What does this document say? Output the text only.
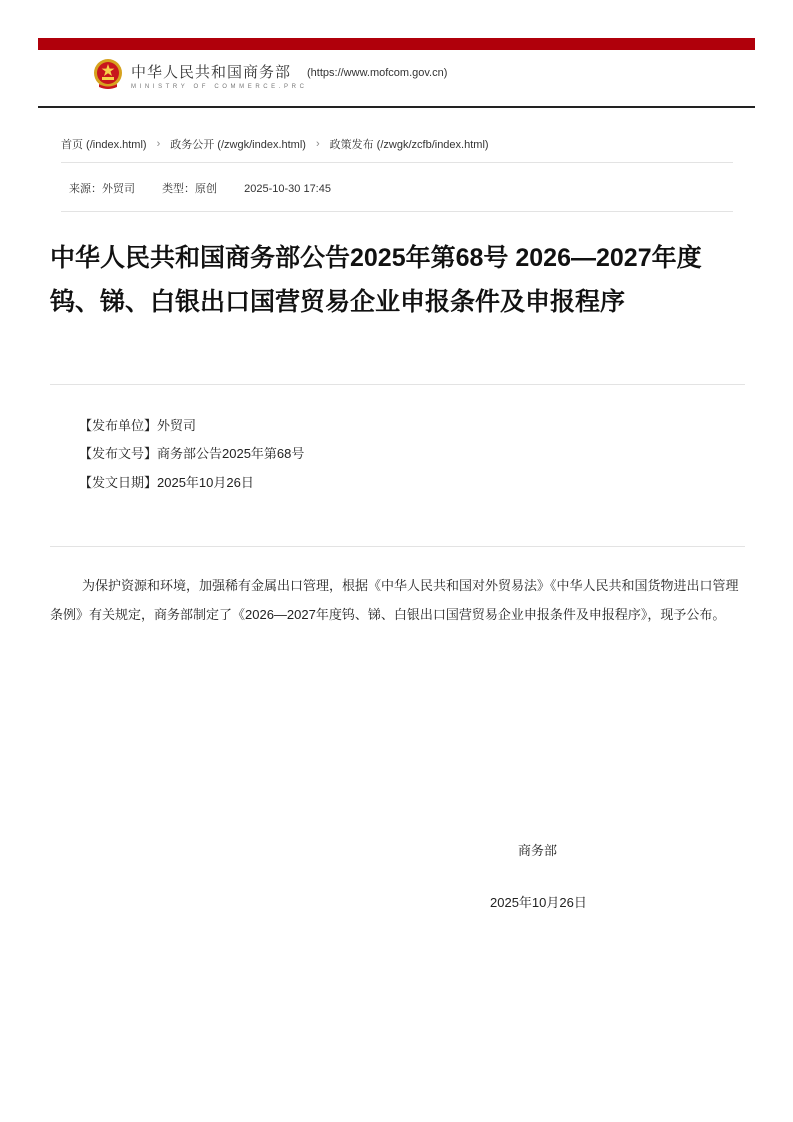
中华人民共和国商务部 (https://www.mofcom.gov.cn)
MINISTRY OF COMMERCE.PRC
首页 (/index.html) › 政务公开 (/zwgk/index.html) › 政策发布 (/zwgk/zcfb/index.html)
来源：外贸司 类型：原创 2025-10-30 17:45
中华人民共和国商务部公告2025年第68号 2026—2027年度钨、锑、白银出口国营贸易企业申报条件及申报程序
【发布单位】外贸司
【发布文号】商务部公告2025年第68号
【发文日期】2025年10月26日

为保护资源和环境，加强稀有金属出口管理，根据《中华人民共和国对外贸易法》《中华人民共和国货物进出口管理条例》有关规定，商务部制定了《2026—2027年度钨、锑、白银出口国营贸易企业申报条件及申报程序》，现予公布。

商务部
2025年10月26日
